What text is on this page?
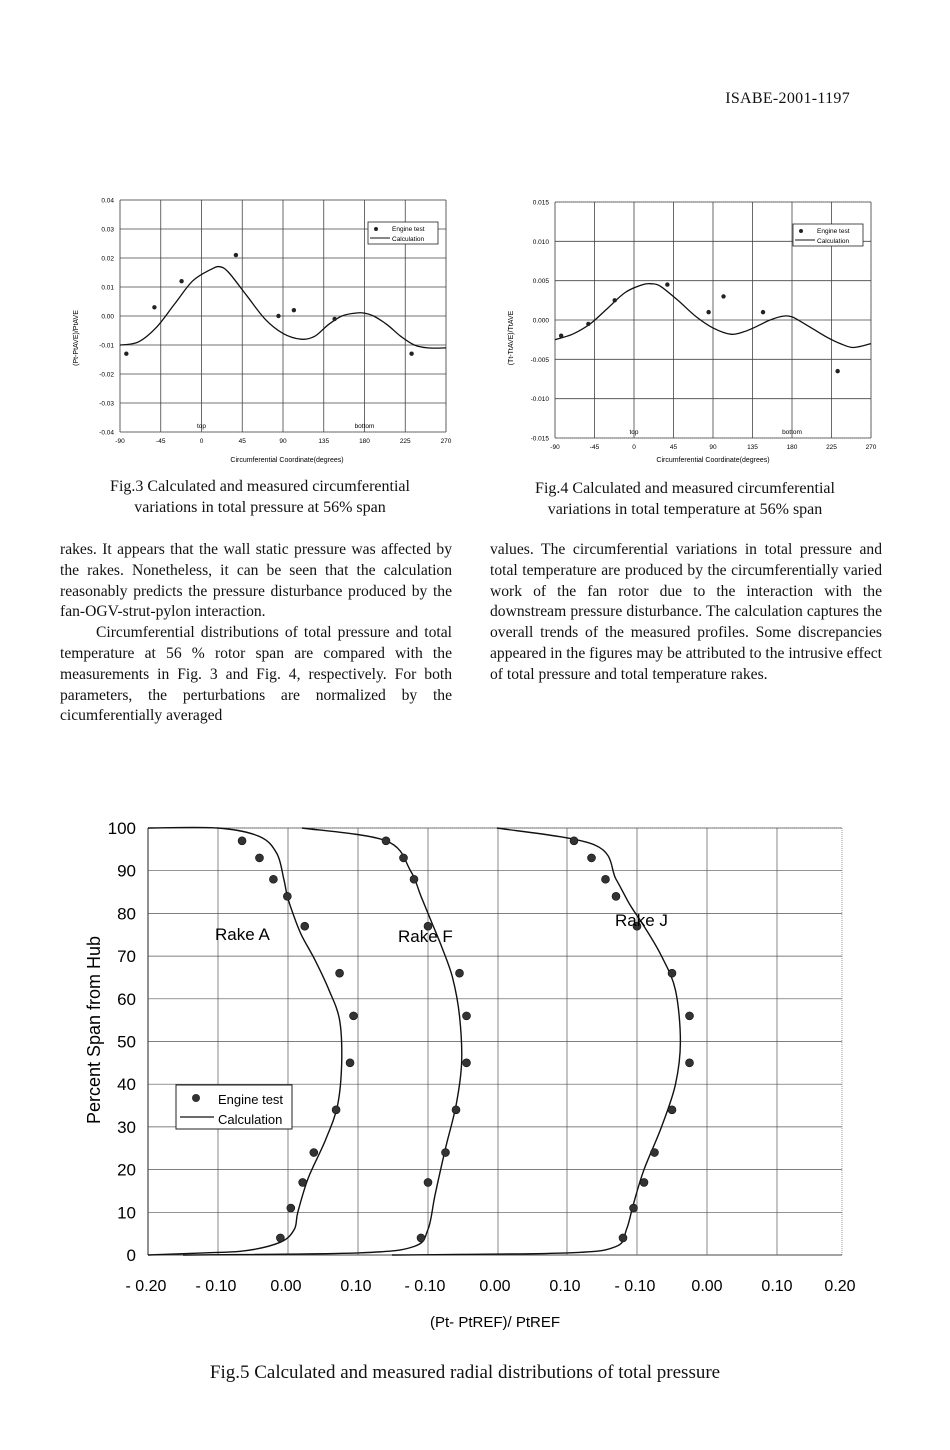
ISABE-2001-1197
(Pt-PtAVE)/PtAVE
Circumferential Coordinate(degrees)
-0.04
-0.03
-0.02
-0.01
0.00
0.01
0.02
0.03
0.04
-90	-45	0	45	90	135	180	225	270
top	bottom
Engine test
Calculation
Fig.3 Calculated and measured circumferential
variations in total pressure at 56% span
(Tt-TtAVE)/TtAVE
Circumferential Coordinate(degrees)
-0.015
-0.010
-0.005
0.000
0.005
0.010
0.015
-90	-45	0	45	90	135	180	225	270
top	bottom
Engine test
Calculation
Fig.4 Calculated and measured circumferential
variations in total temperature at 56% span

rakes. It appears that the wall static pressure was affected by the rakes. Nonetheless, it can be seen that the calculation reasonably predicts the pressure disturbance produced by the fan-OGV-strut-pylon interaction.

Circumferential distributions of total pressure and total temperature at 56 % rotor span are compared with the measurements in Fig. 3 and Fig. 4, respectively. For both parameters, the perturbations are normalized by the cicumferentially averaged

values. The circumferential variations in total pressure and total temperature are produced by the circumferentially varied work of the fan rotor due to the interaction with the downstream pressure disturbance. The calculation captures the overall trends of the measured profiles. Some discrepancies appeared in the figures may be attributed to the intrusive effect of total pressure and total temperature rakes.

Percent Span from Hub
(Pt- PtREF)/ PtREF
0
10
20
30
40
50
60
70
80
90
100
- 0.20 - 0.10 0.00 0.10 - 0.10 0.00 0.10 - 0.10 0.00 0.10 0.20
Rake A	Rake F
Rake J
Engine test
Calculation
Fig.5 Calculated and measured radial distributions of total pressure
